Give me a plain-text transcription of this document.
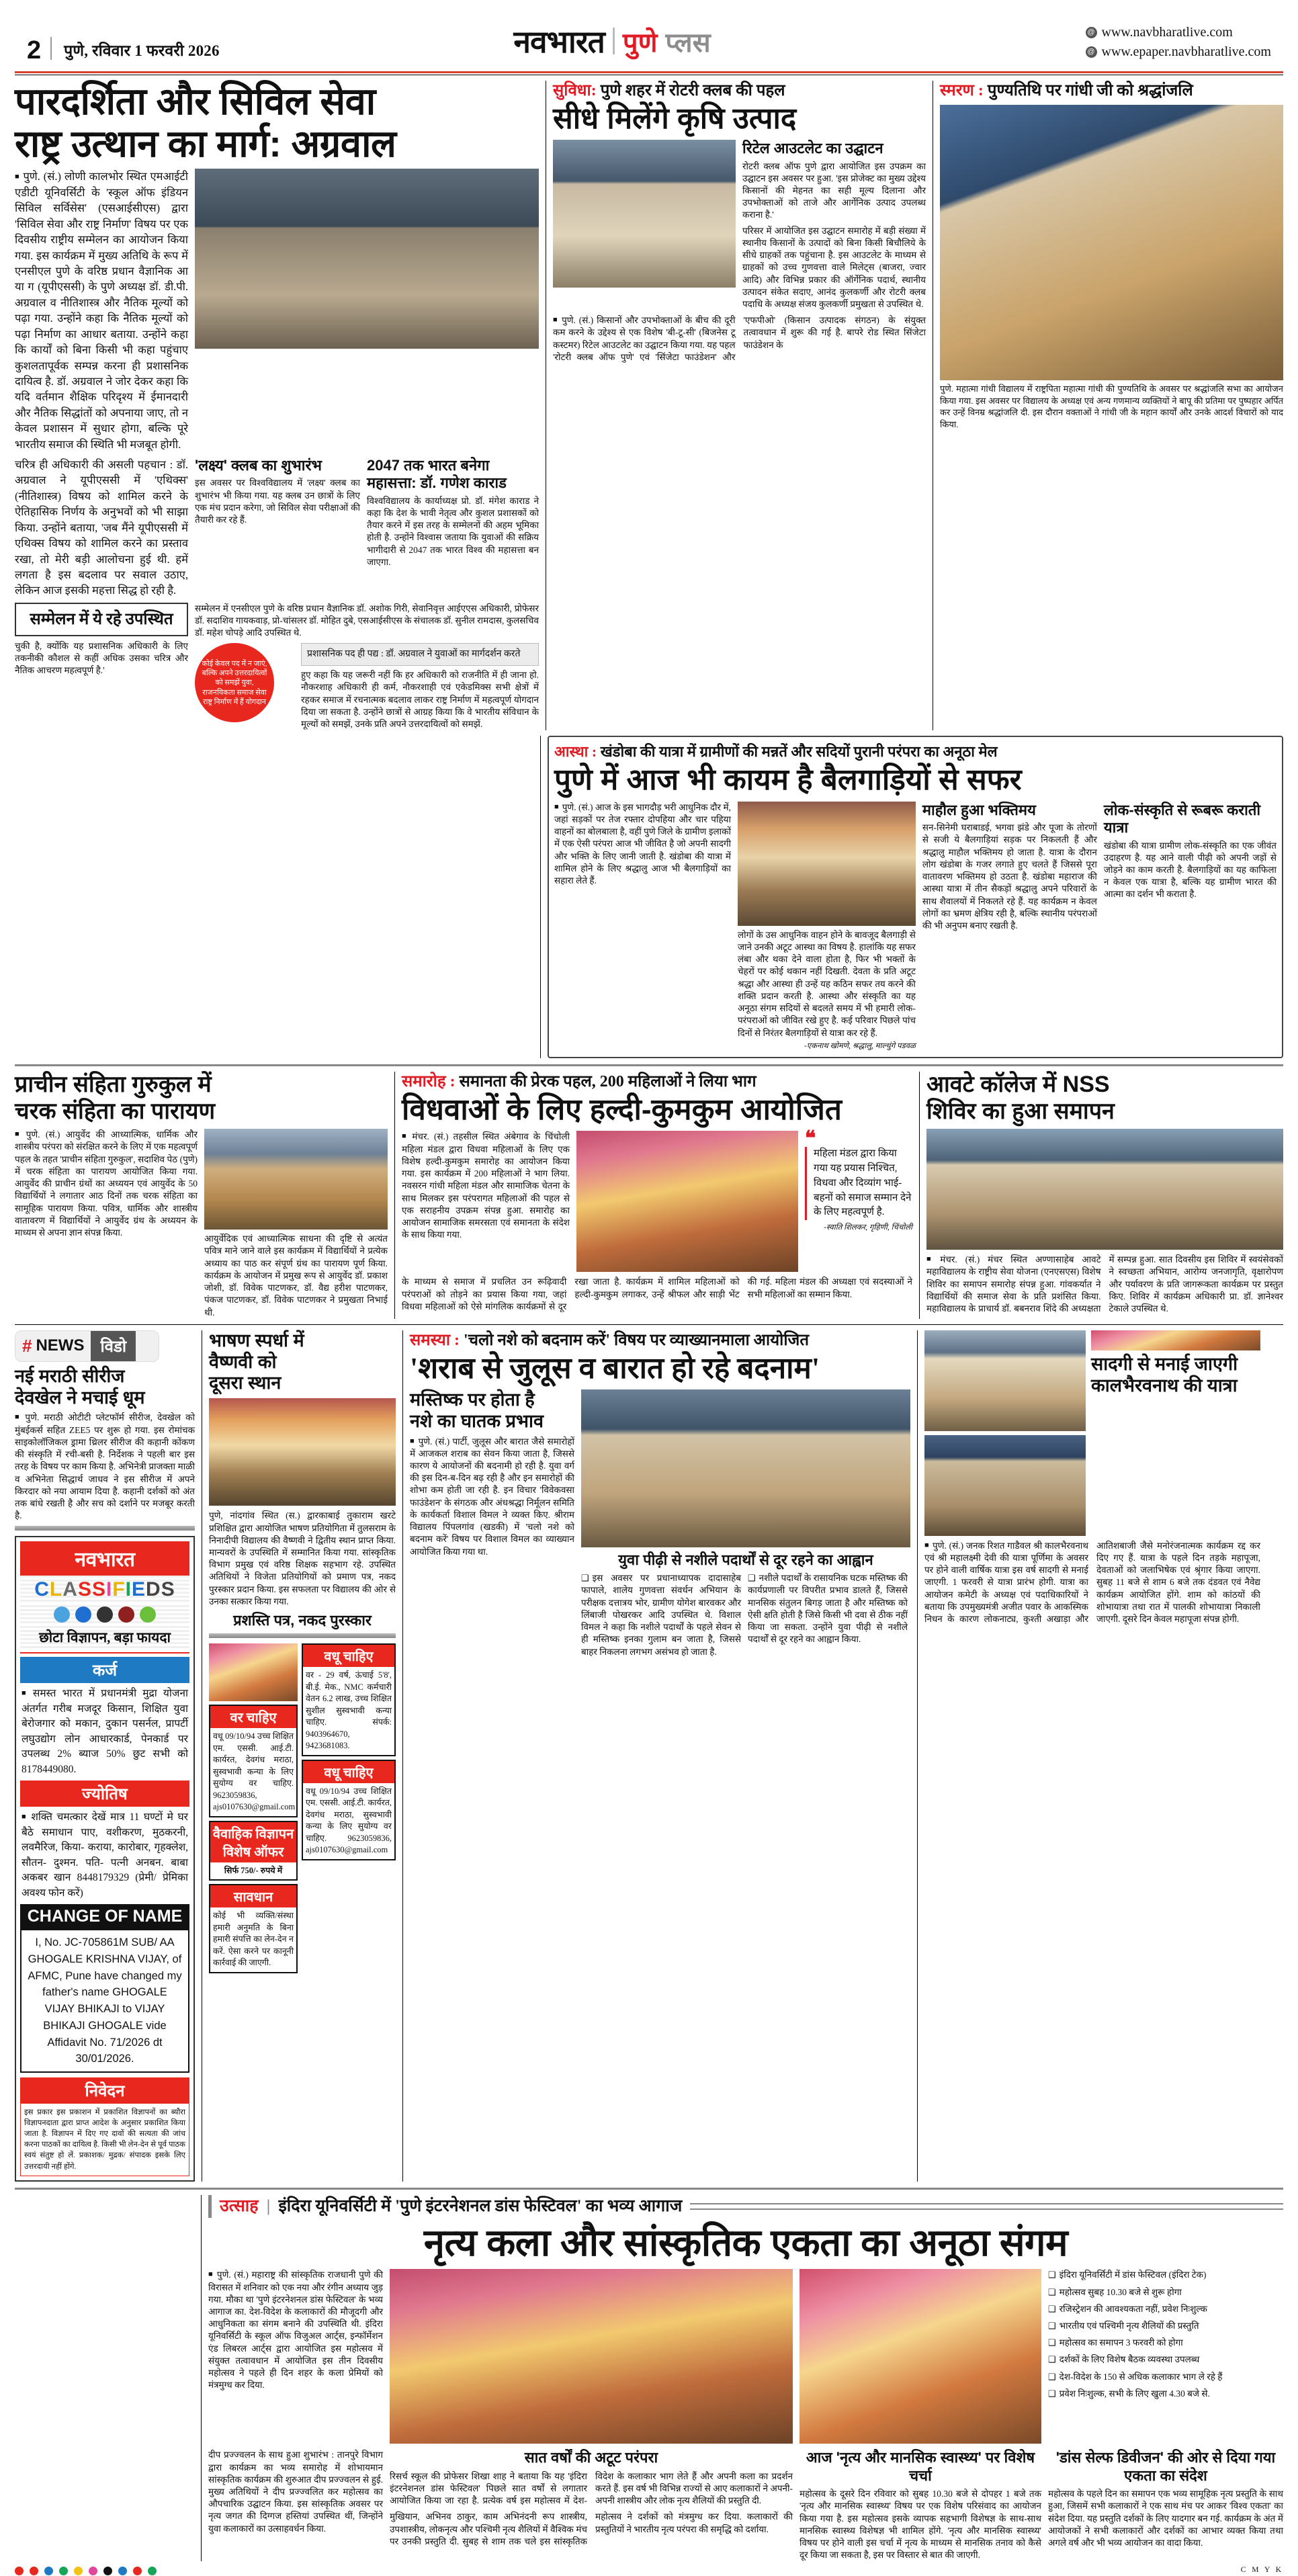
2 पुणे, रविवार 1 फरवरी 2026	नवभारत पुणे प्लस	@ www.navbharatlive.com
@ www.epaper.navbharatlive.com
पारदर्शिता और सिविल सेवा
राष्ट्र उत्थान का मार्ग: अग्रवाल
■ पुणे. (सं.) लोणी कालभोर स्थित एमआईटी एडीटी यूनिवर्सिटी के 'स्कूल ऑफ इंडियन सिविल सर्विसेस' (एसआईसीएस) द्वारा 'सिविल सेवा और राष्ट्र निर्माण' विषय पर एक दिवसीय राष्ट्रीय सम्मेलन का आयोजन किया गया. इस कार्यक्रम में मुख्य अतिथि के रूप में एनसीएल पुणे के वरिष्ठ प्रधान वैज्ञानिक आ या ग (यूपीएससी) के पुणे अध्यक्ष डॉ. डी.पी. अग्रवाल व नीतिशास्त्र और नैतिक मूल्यों को पढ़ा गया. उन्होंने कहा कि नैतिक मूल्यों को पढ़ा निर्माण का आधार बताया. उन्होंने कहा कि कार्यों को बिना किसी भी कहा पहुंचाए कुशलतापूर्वक सम्पन्न करना ही प्रशासनिक दायित्व है. डॉ. अग्रवाल ने जोर देकर कहा कि यदि वर्तमान शैक्षिक परिदृश्य में ईमानदारी और नैतिक सिद्धांतों को अपनाया जाए, तो न केवल प्रशासन में सुधार होगा, बल्कि पूरे भारतीय समाज की स्थिति भी मजबूत होगी.
चरित्र ही अधिकारी की असली पहचान : डॉ. अग्रवाल ने यूपीएससी में 'एथिक्स' (नीतिशास्त्र) विषय को शामिल करने के ऐतिहासिक निर्णय के अनुभवों को भी साझा किया. उन्होंने बताया, 'जब मैंने यूपीएससी में एथिक्स विषय को शामिल करने का प्रस्ताव रखा, तो मेरी बड़ी आलोचना हुई थी. हमें लगता है इस बदलाव पर सवाल उठाए, लेकिन आज इसकी महत्ता सिद्ध हो रही है.
'लक्ष्य' क्लब का शुभारंभ
इस अवसर पर विश्वविद्यालय में 'लक्ष्य' क्लब का शुभारंभ भी किया गया. यह क्लब उन छात्रों के लिए एक मंच प्रदान करेगा, जो सिविल सेवा परीक्षाओं की तैयारी कर रहे हैं.
2047 तक भारत बनेगा महासत्ता: डॉ. गणेश काराड
विश्वविद्यालय के कार्याध्यक्ष प्रो. डॉ. मंगेश काराड ने कहा कि देश के भावी नेतृत्व और कुशल प्रशासकों को तैयार करने में इस तरह के सम्मेलनों की अहम भूमिका होती है. उन्होंने विश्वास जताया कि युवाओं की सक्रिय भागीदारी से 2047 तक भारत विश्व की महासत्ता बन जाएगा.
सम्मेलन में ये रहे उपस्थित
चुकी है, क्योंकि यह प्रशासनिक अधिकारी के लिए तकनीकी कौशल से कहीं अधिक उसका चरित्र और नैतिक आचरण महत्वपूर्ण है.'
सम्मेलन में एनसीएल पुणे के वरिष्ठ प्रधान वैज्ञानिक डॉ. अशोक गिरी, सेवानिवृत्त आईएएस अधिकारी, प्रोफेसर डॉ. सदाशिव गायकवाड़, प्रो-चांसलर डॉ. मोहित दुबे, एसआईसीएस के संचालक डॉ. सुनील रामदास, कुलसचिव डॉ. महेश चोपड़े आदि उपस्थित थे.
कोई केवल पद में न जाएं, बल्कि अपने उत्तरदायित्वों को समझें युवा, राजनयिकता समाज सेवा राष्ट्र निर्माण में हैं योगदान
प्रशासनिक पद ही पद्य : डॉ. अग्रवाल ने युवाओं का मार्गदर्शन करते
हुए कहा कि यह जरूरी नहीं कि हर अधिकारी को राजनीति में ही जाना हो. नौकरशाह अधिकारी ही कर्म, नौकरशाही एवं एकेडमिक्स सभी क्षेत्रों में रहकर समाज में रचनात्मक बदलाव लाकर राष्ट्र निर्माण में महत्वपूर्ण योगदान दिया जा सकता है. उन्होंने छात्रों से आग्रह किया कि वे भारतीय संविधान के मूल्यों को समझें, उनके प्रति अपने उत्तरदायित्वों को समझें.
सुविधा: पुणे शहर में रोटरी क्लब की पहल
सीधे मिलेंगे कृषि उत्पाद
रिटेल आउटलेट का उद्घाटन
रोटरी क्लब ऑफ पुणे द्वारा आयोजित इस उपक्रम का उद्घाटन इस अवसर पर हुआ. 'इस प्रोजेक्ट का मुख्य उद्देश्य किसानों की मेहनत का सही मूल्य दिलाना और उपभोक्ताओं को ताजे और आर्गेनिक उत्पाद उपलब्ध कराना है.'
परिसर में आयोजित इस उद्घाटन समारोह में बड़ी संख्या में स्थानीय किसानों के उत्पादों को बिना किसी बिचौलिये के सीधे ग्राहकों तक पहुंचाना है. इस आउटलेट के माध्यम से ग्राहकों को उच्च गुणवत्ता वाले मिलेट्स (बाजरा, ज्वार आदि) और विभिन्न प्रकार की ऑर्गेनिक पदार्थ, स्थानीय उत्पादन संकेत सदाए, आनंद कुलकर्णी और रोटरी क्लब पदाधि के अध्यक्ष संजय कुलकर्णी प्रमुखता से उपस्थित थे.
■ पुणे. (सं.) किसानों और उपभोक्ताओं के बीच की दूरी कम करने के उद्देश्य से एक विशेष 'बी-टू-सी' (बिजनेस टू कस्टमर) रिटेल आउटलेट का उद्घाटन किया गया. यह पहल 'रोटरी क्लब ऑफ पुणे' एवं 'सिंजेटा फाउंडेशन' और 'एफपीओ' (किसान उत्पादक संगठन) के संयुक्त तत्वावधान में शुरू की गई है. बापरे रोड स्थित सिंजेटा फाउंडेशन के
स्मरण : पुण्यतिथि पर गांधी जी को श्रद्धांजलि
पुणे. महात्मा गांधी विद्यालय में राष्ट्रपिता महात्मा गांधी की पुण्यतिथि के अवसर पर श्रद्धांजलि सभा का आयोजन किया गया. इस अवसर पर विद्यालय के अध्यक्ष एवं अन्य गणमान्य व्यक्तियों ने बापू की प्रतिमा पर पुष्पहार अर्पित कर उन्हें विनम्र श्रद्धांजलि दी. इस दौरान वक्ताओं ने गांधी जी के महान कार्यों और उनके आदर्श विचारों को याद किया.
आस्था : खंडोबा की यात्रा में ग्रामीणों की मन्नतें और सदियों पुरानी परंपरा का अनूठा मेल
पुणे में आज भी कायम है बैलगाड़ियों से सफर
■ पुणे. (सं.) आज के इस भागदौड़ भरी आधुनिक दौर में, जहां सड़कों पर तेज रफ्तार दोपहिया और चार पहिया वाहनों का बोलबाला है, वहीं पुणे जिले के ग्रामीण इलाकों में एक ऐसी परंपरा आज भी जीवित है जो अपनी सादगी और भक्ति के लिए जानी जाती है. खंडोबा की यात्रा में शामिल होने के लिए श्रद्धालु आज भी बैलगाड़ियों का सहारा लेते हैं.
लोगों के उस आधुनिक वाहन होने के बावजूद बैलगाड़ी से जाने उनकी अटूट आस्था का विषय है. हालांकि यह सफर लंबा और थका देने वाला होता है, फिर भी भक्तों के चेहरों पर कोई थकान नहीं दिखती. देवता के प्रति अटूट श्रद्धा और आस्था ही उन्हें यह कठिन सफर तय करने की शक्ति प्रदान करती है. आस्था और संस्कृति का यह अनूठा संगम सदियों से बदलते समय में भी हमारी लोक-परंपराओं को जीवित रखे हुए है. कई परिवार पिछले पांच दिनों से निरंतर बैलगाड़ियों से यात्रा कर रहे हैं.
-एकनाथ खोमणे, श्रद्धालु, माल्थुंगे पडवळ
माहौल हुआ भक्तिमय
सन-सिनेमी घराबाडई, भगवा झंडे और पूजा के तोरणों से सजी ये बैलगाड़ियां सड़क पर निकलती हैं और श्रद्धालु माहौल भक्तिमय हो जाता है. यात्रा के दौरान लोग खंडोबा के गजर लगाते हुए चलते हैं जिससे पूरा वातावरण भक्तिमय हो उठता है. खंडोबा महाराज की आस्था यात्रा में तीन सैकड़ों श्रद्धालु अपने परिवारों के साथ शैवालयों में निकलते रहे हैं. यह कार्यक्रम न केवल लोगों का भ्रमण क्षेत्रिय रही है, बल्कि स्थानीय परंपराओं की भी अनुपम बनाए रखती है.
लोक-संस्कृति से रूबरू कराती यात्रा
खंडोबा की यात्रा ग्रामीण लोक-संस्कृति का एक जीवंत उदाहरण है. यह आने वाली पीढ़ी को अपनी जड़ों से जोड़ने का काम करती है. बैलगाड़ियों का यह काफिला न केवल एक यात्रा है, बल्कि यह ग्रामीण भारत की आत्मा का दर्शन भी कराता है.
प्राचीन संहिता गुरुकुल में
चरक संहिता का पारायण
■ पुणे. (सं.) आयुर्वेद की आध्यात्मिक, धार्मिक और शास्त्रीय परंपरा को संरक्षित करने के लिए में एक महत्वपूर्ण पहल के तहत 'प्राचीन संहिता गुरुकुल', सदाशिव पेठ (पुणे) में चरक संहिता का पारायण आयोजित किया गया. आयुर्वेद की प्राचीन ग्रंथों का अध्ययन एवं आयुर्वेद के 50 विद्यार्थियों ने लगातार आठ दिनों तक चरक संहिता का सामूहिक पारायण किया. पवित्र, धार्मिक और शास्त्रीय वातावरण में विद्यार्थियों ने आयुर्वेद ग्रंथ के अध्ययन के माध्यम से अपना ज्ञान संपन्न किया.
आयुर्वेदिक एवं आध्यात्मिक साधना की दृष्टि से अत्यंत पवित्र माने जाने वाले इस कार्यक्रम में विद्यार्थियों ने प्रत्येक अध्याय का पाठ कर संपूर्ण ग्रंथ का पारायण पूर्ण किया. कार्यक्रम के आयोजन में प्रमुख रूप से आयुर्वेद डॉ. प्रकाश जोशी, डॉ. विवेक पाटणकर, डॉ. वैद्य हरीश पाटणकर, पंकज पाटणकर, डॉ. विवेक पाटणकर ने प्रमुखता निभाई थी.
समारोह : समानता की प्रेरक पहल, 200 महिलाओं ने लिया भाग
विधवाओं के लिए हल्दी-कुमकुम आयोजित
■ मंचर. (सं.) तहसील स्थित अंबेगाव के चिंचोली महिला मंडल द्वारा विधवा महिलाओं के लिए एक विशेष हल्दी-कुमकुम समारोह का आयोजन किया गया. इस कार्यक्रम में 200 महिलाओं ने भाग लिया. नवसरन गांधी महिला मंडल और सामाजिक चेतना के साथ मिलकर इस परंपरागत महिलाओं की पहल से एक सराहनीय उपक्रम संपन्न हुआ. समारोह का आयोजन सामाजिक समरसता एवं समानता के संदेश के साथ किया गया.
❝
महिला मंडल द्वारा किया गया यह प्रयास निश्चित, विधवा और दिव्यांग भाई-बहनों को समाज सम्मान देने के लिए महत्वपूर्ण है.
-स्वाति शिलकर, गृहिणी, चिंचोली
के माध्यम से समाज में प्रचलित उन रूढ़िवादी परंपराओं को तोड़ने का प्रयास किया गया, जहां विधवा महिलाओं को ऐसे मांगलिक कार्यक्रमों से दूर रखा जाता है. कार्यक्रम में शामिल महिलाओं को हल्दी-कुमकुम लगाकर, उन्हें श्रीफल और साड़ी भेंट की गई. महिला मंडल की अध्यक्षा एवं सदस्याओं ने सभी महिलाओं का सम्मान किया.
आवटे कॉलेज में NSS
शिविर का हुआ समापन
■ मंचर. (सं.) मंचर स्थित अण्णासाहेब आवटे महाविद्यालय के राष्ट्रीय सेवा योजना (एनएसएस) विशेष शिविर का समापन समारोह संपन्न हुआ. गांवकर्यात ने विद्यार्थियों की समाज सेवा के प्रति प्रशंसित किया. महाविद्यालय के प्राचार्य डॉ. बबनराव शिंदे की अध्यक्षता में सम्पन्न हुआ. सात दिवसीय इस शिविर में स्वयंसेवकों ने स्वच्छता अभियान, आरोग्य जनजागृति, वृक्षारोपण और पर्यावरण के प्रति जागरूकता कार्यक्रम पर प्रस्तुत किए. शिविर में कार्यक्रम अधिकारी प्रा. डॉ. ज्ञानेश्वर टेकाले उपस्थित थे.
# NEWS	विडो
नई मराठी सीरीज
देवखेल ने मचाई धूम
■ पुणे. मराठी ओटीटी प्लेटफॉर्म सीरीज, देवखेल को मुंबईकर्स सहित ZEE5 पर शुरू हो गया. इस रोमांचक साइकोलॉजिकल ड्रामा थ्रिलर सीरीज की कहानी कोंकण की संस्कृति में रची-बसी है. निर्देशक ने पहली बार इस तरह के विषय पर काम किया है. अभिनेत्री प्राजक्ता माळी व अभिनेता सिद्धार्थ जाधव ने इस सीरीज में अपने किरदार को नया आयाम दिया है. कहानी दर्शकों को अंत तक बांधे रखती है और सच को दर्शाने पर मजबूर करती है.
नवभारत
CLASSIFIEDS
छोटा विज्ञापन, बड़ा फायदा
कर्ज
■ समस्त भारत में प्रधानमंत्री मुद्रा योजना अंतर्गत गरीब मजदूर किसान, शिक्षित युवा बेरोजगार को मकान, दुकान पसर्नल, प्रापर्टी लघुउद्योग लोन आधारकार्ड, पेनकार्ड पर उपलब्ध 2% ब्याज 50% छुट सभी को 8178449080.
ज्योतिष
■ शक्ति चमत्कार देखें मात्र 11 घण्टों मे घर बैठे समाधान पाए, वशीकरण, मुठकरनी, लवमैरिज, किया- कराया, कारोबार, गृहक्लेश, सौतन- दुश्मन. पति- पत्नी अनबन. बाबा अकबर खान 8448179329 (प्रेमी/ प्रेमिका अवश्य फोन करें)
CHANGE OF NAME
I, No. JC-705861M SUB/ AA GHOGALE KRISHNA VIJAY, of AFMC, Pune have changed my father's name GHOGALE VIJAY BHIKAJI to VIJAY BHIKAJI GHOGALE vide Affidavit No. 71/2026 dt 30/01/2026.
निवेदन
इस प्रकार इस प्रकाशन में प्रकाशित विज्ञापनों का ब्यौरा विज्ञापनदाता द्वारा प्राप्त आदेश के अनुसार प्रकाशित किया जाता है. विज्ञापन में दिए गए दावों की सत्यता की जांच करना पाठकों का दायित्व है. किसी भी लेन-देन से पूर्व पाठक स्वयं संतुष्ट हो लें. प्रकाशक/ मुद्रक/ संपादक इसके लिए उत्तरदायी नहीं होंगे.
भाषण स्पर्धा में
वैष्णवी को
दूसरा स्थान
पुणे, नांदगांव स्थित (स.) द्वारकाबाई तुकाराम खरटे प्रशिक्षित द्वारा आयोजित भाषण प्रतियोगिता में तुलसराम के निनादीपी विद्यालय की वैष्णवी ने द्वितीय स्थान प्राप्त किया. मान्यवरों के उपस्थिति में सम्मानित किया गया. सांस्कृतिक विभाग प्रमुख एवं वरिष्ठ शिक्षक सहभाग रहे. उपस्थित अतिथियों ने विजेता प्रतियोगियों को प्रमाण पत्र, नकद पुरस्कार प्रदान किया. इस सफलता पर विद्यालय की ओर से उनका सत्कार किया गया.
प्रशस्ति पत्र, नकद पुरस्कार
वर चाहिए
वधू 09/10/94 उच्च शिक्षित एम. एससी. आई.टी. कार्यरत, देवगंध मराठा, सुस्वभावी कन्या के लिए सुयोग्य वर चाहिए. 9623059836, ajs0107630@gmail.com
वैवाहिक विज्ञापन विशेष ऑफर
सिर्फ 750/- रुपये में
सावधान
कोई भी व्यक्ति/संस्था हमारी अनुमति के बिना हमारी संपत्ति का लेन-देन न करें. ऐसा करने पर कानूनी कार्रवाई की जाएगी.
वधू चाहिए
वर - 29 वर्ष, ऊंचाई 5'8', बी.ई. मेक., NMC कर्मचारी वेतन 6.2 लाख, उच्च शिक्षित सुशील सुस्वभावी कन्या चाहिए. संपर्क: 9403964670, 9423681083.
वधू चाहिए
वधू 09/10/94 उच्च शिक्षित एम. एससी. आई.टी. कार्यरत, देवगंध मराठा, सुस्वभावी कन्या के लिए सुयोग्य वर चाहिए. 9623059836, ajs0107630@gmail.com
समस्या : 'चलो नशे को बदनाम करें' विषय पर व्याख्यानमाला आयोजित
'शराब से जुलूस व बारात हो रहे बदनाम'
मस्तिष्क पर होता है
नशे का घातक प्रभाव
■ पुणे. (सं.) पार्टी, जुलूस और बारात जैसे समारोहों में आजकल शराब का सेवन किया जाता है, जिससे कारण ये आयोजनों की बदनामी हो रही है. युवा वर्ग की इस दिन-ब-दिन बढ़ रही है और इन समारोहों की शोभा कम होती जा रही है. इन विचार 'विवेकवसा फाउंडेशन' के संगठक और अंधश्रद्धा निर्मूलन समिति के कार्यकर्ता विशाल विमल ने व्यक्त किए. श्रीराम विद्यालय पिंपलगांव (खडकी) में 'चलो नशे को बदनाम करें' विषय पर विशाल विमल का व्याख्यान आयोजित किया गया था.	युवा पीढ़ी से नशीले पदार्थों से दूर रहने का आह्वान
❑ इस अवसर पर प्रधानाध्यापक दादासाहेब फापाले, शालेय गुणवत्ता संवर्धन अभियान के परीक्षक दत्तात्रय भोर, ग्रामीण योगेश बारवकर और लिंबाजी पोखरकर आदि उपस्थित थे. विशाल विमल ने कहा कि नशीले पदार्थों के पहले सेवन से ही मस्तिष्क इनका गुलाम बन जाता है, जिससे बाहर निकलना लगभग असंभव हो जाता है.
❑ नशीले पदार्थों के रासायनिक घटक मस्तिष्क की कार्यप्रणाली पर विपरीत प्रभाव डालते हैं, जिससे मानसिक संतुलन बिगड़ जाता है और मस्तिष्क को ऐसी क्षति होती है जिसे किसी भी दवा से ठीक नहीं किया जा सकता. उन्होंने युवा पीढ़ी से नशीले पदार्थों से दूर रहने का आह्वान किया.
सादगी से मनाई जाएगी
कालभैरवनाथ की यात्रा
■ पुणे. (सं.) जनक रिशत गाडैवल श्री कालभैरवनाथ एवं श्री महालक्ष्मी देवी की यात्रा पूर्णिमा के अवसर पर होने वाली वार्षिक यात्रा इस वर्ष सादगी से मनाई जाएगी. 1 फरवरी से यात्रा प्रारंभ होगी. यात्रा का आयोजन कमेटी के अध्यक्ष एवं पदाधिकारियों ने बताया कि उपमुख्यमंत्री अजीत पवार के आकस्मिक निधन के कारण लोकनाट्य, कुश्ती अखाड़ा और आतिशबाजी जैसे मनोरंजनात्मक कार्यक्रम रद्द कर दिए गए हैं. यात्रा के पहले दिन तड़के महापूजा, देवताओं को जलाभिषेक एवं श्रृंगार किया जाएगा. सुबह 11 बजे से शाम 6 बजे तक दंडवत एवं नैवेद्य कार्यक्रम आयोजित होंगे. शाम को कांठयों की शोभायात्रा तथा रात में पालकी शोभायात्रा निकाली जाएगी. दूसरे दिन केवल महापूजा संपन्न होगी.
उत्साह | इंदिरा यूनिवर्सिटी में 'पुणे इंटरनेशनल डांस फेस्टिवल' का भव्य आगाज
नृत्य कला और सांस्कृतिक एकता का अनूठा संगम
■ पुणे. (सं.) महाराष्ट्र की सांस्कृतिक राजधानी पुणे की विरासत में शनिवार को एक नया और रंगीन अध्याय जुड़ गया. मौका था 'पुणे इंटरनेशनल डांस फेस्टिवल' के भव्य आगाज का. देश-विदेश के कलाकारों की मौजूदगी और आधुनिकता का संगम बनाने की उपस्थिति थी. इंदिरा यूनिवर्सिटी के स्कूल ऑफ विजुअल आर्ट्स, इन्फॉर्मेशन एंड लिबरल आर्ट्स द्वारा आयोजित इस महोत्सव में संयुक्त तत्वावधान में आयोजित इस तीन दिवसीय महोत्सव ने पहले ही दिन शहर के कला प्रेमियों को मंत्रमुग्ध कर दिया.
❑ इंदिरा यूनिवर्सिटी में डांस फेस्टिवल (इंदिरा टेक)
❑ महोत्सव सुबह 10.30 बजे से शुरू होगा
❑ रजिस्ट्रेशन की आवश्यकता नहीं, प्रवेश निःशुल्क
❑ भारतीय एवं पश्चिमी नृत्य शैलियों की प्रस्तुति
❑ महोत्सव का समापन 3 फरवरी को होगा
❑ दर्शकों के लिए विशेष बैठक व्यवस्था उपलब्ध
❑ देश-विदेश के 150 से अधिक कलाकार भाग ले रहे हैं
❑ प्रवेश निःशुल्क, सभी के लिए खुला 4.30 बजे से.
दीप प्रज्ज्वलन के साथ हुआ शुभारंभ : तानपुरे विभाग द्वारा कार्यक्रम का भव्य समारोह में शोभायमान सांस्कृतिक कार्यक्रम की शुरुआत दीप प्रज्ज्वलन से हुई. मुख्य अतिथियों ने दीप प्रज्ज्वलित कर महोत्सव का औपचारिक उद्घाटन किया. इस सांस्कृतिक अवसर पर नृत्य जगत की दिग्गज हस्तियां उपस्थित थीं, जिन्होंने युवा कलाकारों का उत्साहवर्धन किया.
सात वर्षों की अटूट परंपरा
रिसर्च स्कूल की प्रोफेसर शिखा शाह ने बताया कि यह 'इंदिरा इंटरनेशनल डांस फेस्टिवल' पिछले सात वर्षों से लगातार आयोजित किया जा रहा है. प्रत्येक वर्ष इस महोत्सव में देश-विदेश के कलाकार भाग लेते हैं और अपनी कला का प्रदर्शन करते हैं. इस वर्ष भी विभिन्न राज्यों से आए कलाकारों ने अपनी-अपनी शास्त्रीय और लोक नृत्य शैलियों की प्रस्तुति दी.
मुखियान, अभिनव ठाकुर, काम अभिनंदनी रूप शास्त्रीय, उपशास्त्रीय, लोकनृत्य और पश्चिमी नृत्य शैलियों में वैश्विक मंच पर उनकी प्रस्तुति दी. सुबह से शाम तक चले इस सांस्कृतिक महोत्सव ने दर्शकों को मंत्रमुग्ध कर दिया. कलाकारों की प्रस्तुतियों ने भारतीय नृत्य परंपरा की समृद्धि को दर्शाया.
आज 'नृत्य और मानसिक स्वास्थ्य' पर विशेष चर्चा
महोत्सव के दूसरे दिन रविवार को सुबह 10.30 बजे से दोपहर 1 बजे तक 'नृत्य और मानसिक स्वास्थ्य' विषय पर एक विशेष परिसंवाद का आयोजन किया गया है. इस महोत्सव इसके व्यापक सहभागी विशेषज्ञ के साथ-साथ मानसिक स्वास्थ्य विशेषज्ञ भी शामिल होंगे. 'नृत्य और मानसिक स्वास्थ्य' विषय पर होने वाली इस चर्चा में नृत्य के माध्यम से मानसिक तनाव को कैसे दूर किया जा सकता है, इस पर विस्तार से बात की जाएगी.
'डांस सेल्फ डिवीजन' की ओर से दिया गया एकता का संदेश
महोत्सव के पहले दिन का समापन एक भव्य सामूहिक नृत्य प्रस्तुति के साथ हुआ, जिसमें सभी कलाकारों ने एक साथ मंच पर आकर 'विश्व एकता' का संदेश दिया. यह प्रस्तुति दर्शकों के लिए यादगार बन गई. कार्यक्रम के अंत में आयोजकों ने सभी कलाकारों और दर्शकों का आभार व्यक्त किया तथा अगले वर्ष और भी भव्य आयोजन का वादा किया.
C M Y K
